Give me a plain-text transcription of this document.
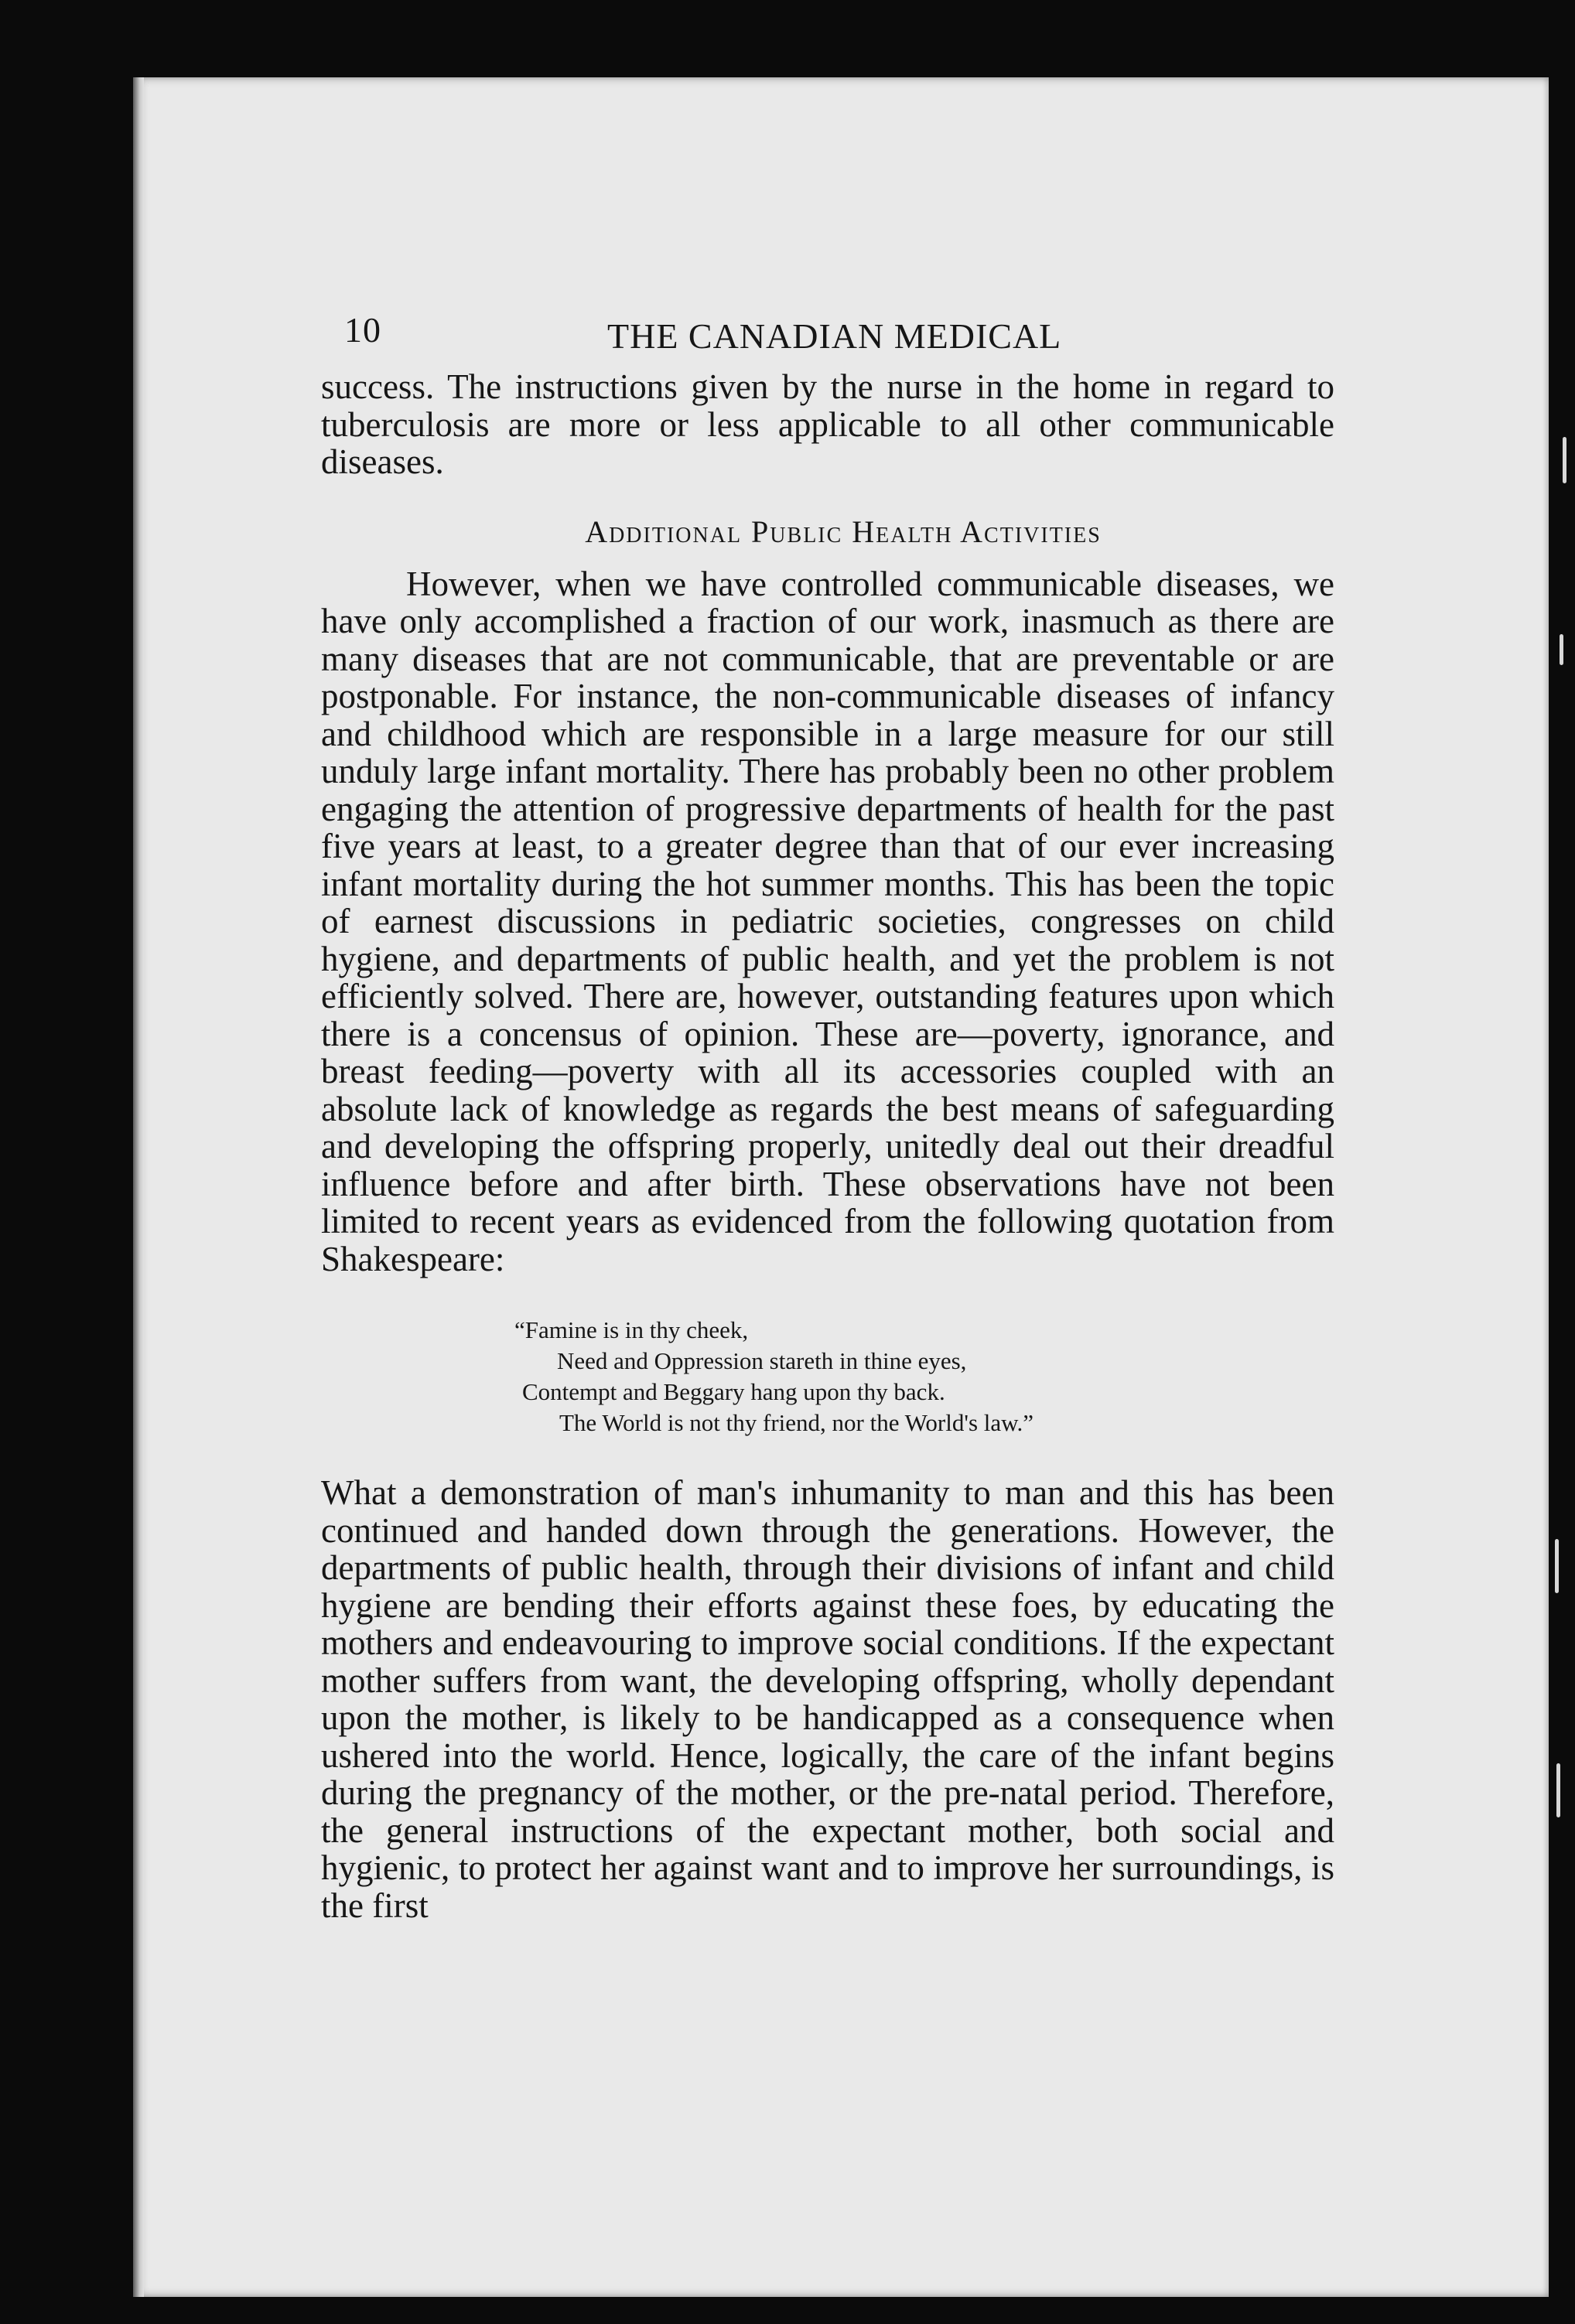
10	THE CANADIAN MEDICAL

success. The instructions given by the nurse in the home in regard to tuberculosis are more or less applicable to all other communicable diseases.

Additional Public Health Activities

However, when we have controlled communicable diseases, we have only accomplished a fraction of our work, inasmuch as there are many diseases that are not communicable, that are preventable or are postponable. For instance, the non-communicable diseases of infancy and childhood which are responsible in a large measure for our still unduly large infant mortality. There has probably been no other problem engaging the attention of progressive departments of health for the past five years at least, to a greater degree than that of our ever increasing infant mortality during the hot summer months. This has been the topic of earnest discussions in pediatric societies, congresses on child hygiene, and departments of public health, and yet the problem is not efficiently solved. There are, however, outstanding features upon which there is a concensus of opinion. These are—poverty, ignorance, and breast feeding—poverty with all its accessories coupled with an absolute lack of knowledge as regards the best means of safeguarding and developing the offspring properly, unitedly deal out their dreadful influence before and after birth. These observations have not been limited to recent years as evidenced from the following quotation from Shakespeare:

“Famine is in thy cheek,
Need and Oppression stareth in thine eyes,
Contempt and Beggary hang upon thy back.
The World is not thy friend, nor the World's law.”

What a demonstration of man's inhumanity to man and this has been continued and handed down through the generations. However, the departments of public health, through their divisions of infant and child hygiene are bending their efforts against these foes, by educating the mothers and endeavouring to improve social conditions. If the expectant mother suffers from want, the developing offspring, wholly dependant upon the mother, is likely to be handicapped as a consequence when ushered into the world. Hence, logically, the care of the infant begins during the pregnancy of the mother, or the pre-natal period. Therefore, the general instructions of the expectant mother, both social and hygienic, to protect her against want and to improve her surroundings, is the first
